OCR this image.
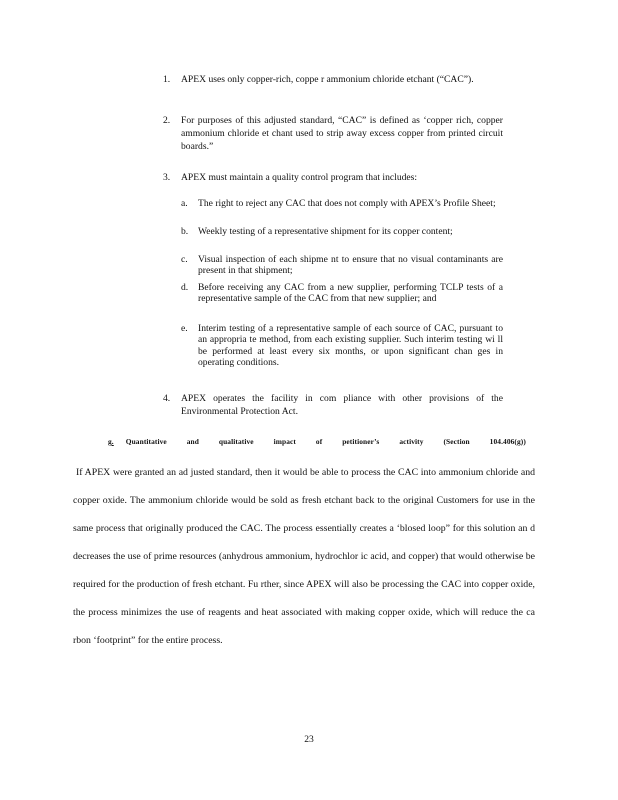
1. APEX uses only copper-rich, coppe r ammonium chloride etchant (“CAC”).
2. For purposes of this adjusted standard, “CAC” is defined as ‘copper rich, copper ammonium chloride et chant used to strip away excess copper from printed circuit boards.”
3. APEX must maintain a quality control program that includes:
a. The right to reject any CAC that does not comply with APEX’s Profile Sheet;
b. Weekly testing of a representative shipment for its copper content;
c. Visual inspection of each shipme nt to ensure that no visual contaminants are present in that shipment;
d. Before receiving any CAC from a new supplier, performing TCLP tests of a representative sample of the CAC from that new supplier; and
e. Interim testing of a representative sample of each source of CAC, pursuant to an appropria te method, from each existing supplier. Such interim testing wi ll be performed at least every six months, or upon significant chan ges in operating conditions.
4. APEX operates the facility in com pliance with other provisions of the Environmental Protection Act.
g. Quantitative and qualitative impact of petitioner’s activity (Section 104.406(g))
If APEX were granted an ad justed standard, then it would be able to process the CAC into ammonium chloride and copper oxide. The ammonium chloride would be sold as fresh etchant back to the original Customers for use in the same process that originally produced the CAC. The process essentially creates a ‘blosed loop” for this solution an d decreases the use of prime resources (anhydrous ammonium, hydrochlor ic acid, and copper) that would otherwise be required for the production of fresh etchant. Fu rther, since APEX will also be processing the CAC into copper oxide, the process minimizes the use of reagents and heat associated with making copper oxide, which will reduce the ca rbon ‘footprint” for the entire process.
23
